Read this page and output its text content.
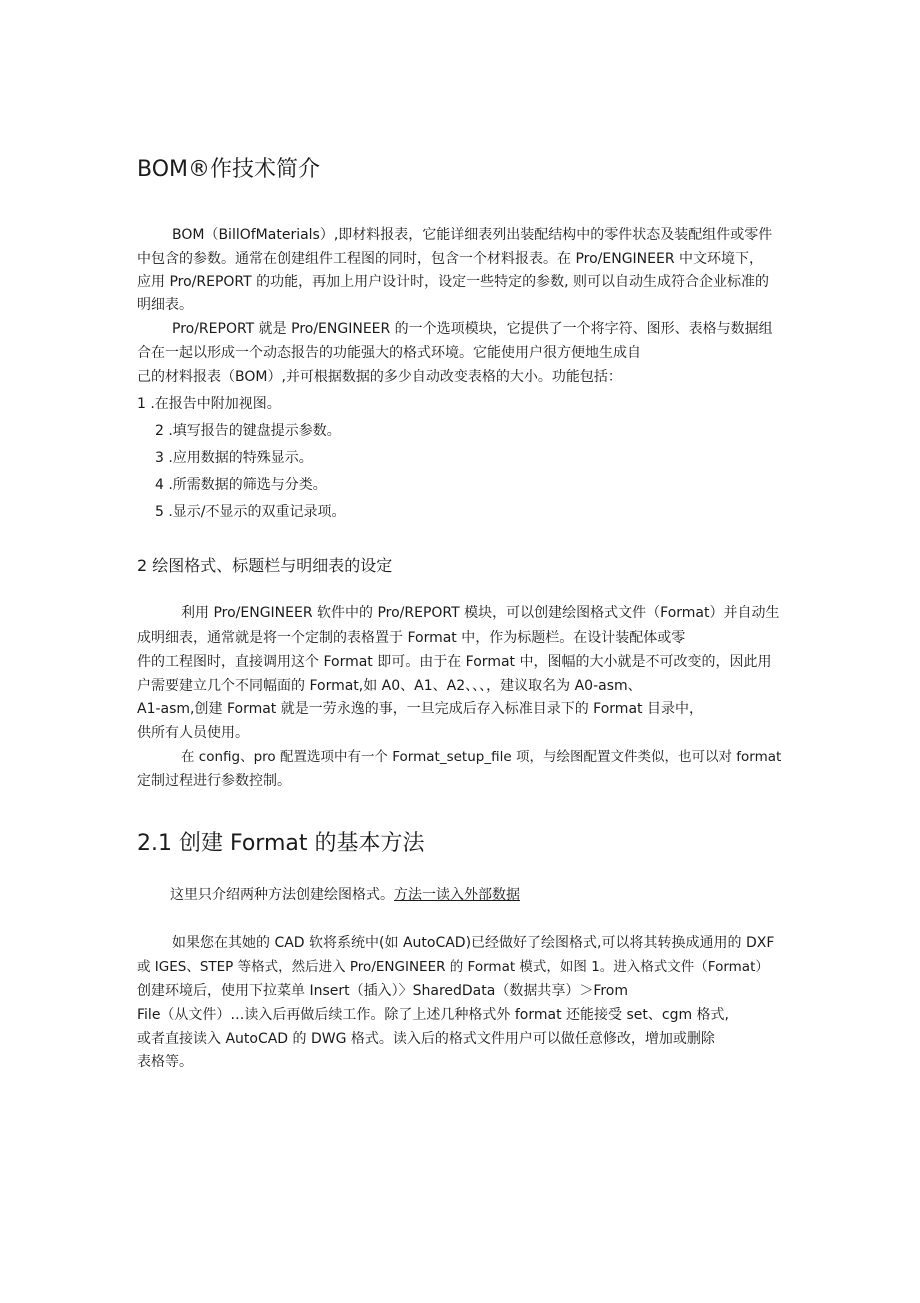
BOM®作技术简介
BOM（BillOfMaterials）,即材料报表，它能详细表列出装配结构中的零件状态及装配组件或零件
中包含的参数。通常在创建组件工程图的同时，包含一个材料报表。在 Pro/ENGINEER 中文环境下，
应用 Pro/REPORT 的功能，再加上用户设计时，设定一些特定的参数, 则可以自动生成符合企业标准的
明细表。
Pro/REPORT 就是 Pro/ENGINEER 的一个选项模块，它提供了一个将字符、图形、表格与数据组
合在一起以形成一个动态报告的功能强大的格式环境。它能使用户很方便地生成自
己的材料报表（BOM）,并可根据数据的多少自动改变表格的大小。功能包括：
1 .在报告中附加视图。
2 .填写报告的键盘提示参数。
3 .应用数据的特殊显示。
4 .所需数据的筛选与分类。
5 .显示/不显示的双重记录项。
2 绘图格式、标题栏与明细表的设定
利用 Pro/ENGINEER 软件中的 Pro/REPORT 模块，可以创建绘图格式文件（Format）并自动生
成明细表，通常就是将一个定制的表格置于 Format 中，作为标题栏。在设计装配体或零
件的工程图时，直接调用这个 Format 即可。由于在 Format 中，图幅的大小就是不可改变的，因此用
户需要建立几个不同幅面的 Format,如 A0、A1、A2、、、，建议取名为 A0-asm、
A1-asm,创建 Format 就是一劳永逸的事，一旦完成后存入标准目录下的 Format 目录中，
供所有人员使用。
在 config、pro 配置选项中有一个 Format_setup_file 项，与绘图配置文件类似，也可以对 format
定制过程进行参数控制。
2.1 创建 Format 的基本方法
这里只介绍两种方法创建绘图格式。方法一读入外部数据
如果您在其她的 CAD 软将系统中(如 AutoCAD)已经做好了绘图格式,可以将其转换成通用的 DXF
或 IGES、STEP 等格式，然后进入 Pro/ENGINEER 的 Format 模式，如图 1。进入格式文件（Format）
创建环境后，使用下拉菜单 Insert（插入）〉SharedData（数据共享）＞From
File（从文件）…读入后再做后续工作。除了上述几种格式外 format 还能接受 set、cgm 格式,
或者直接读入 AutoCAD 的 DWG 格式。读入后的格式文件用户可以做任意修改，增加或删除
表格等。
